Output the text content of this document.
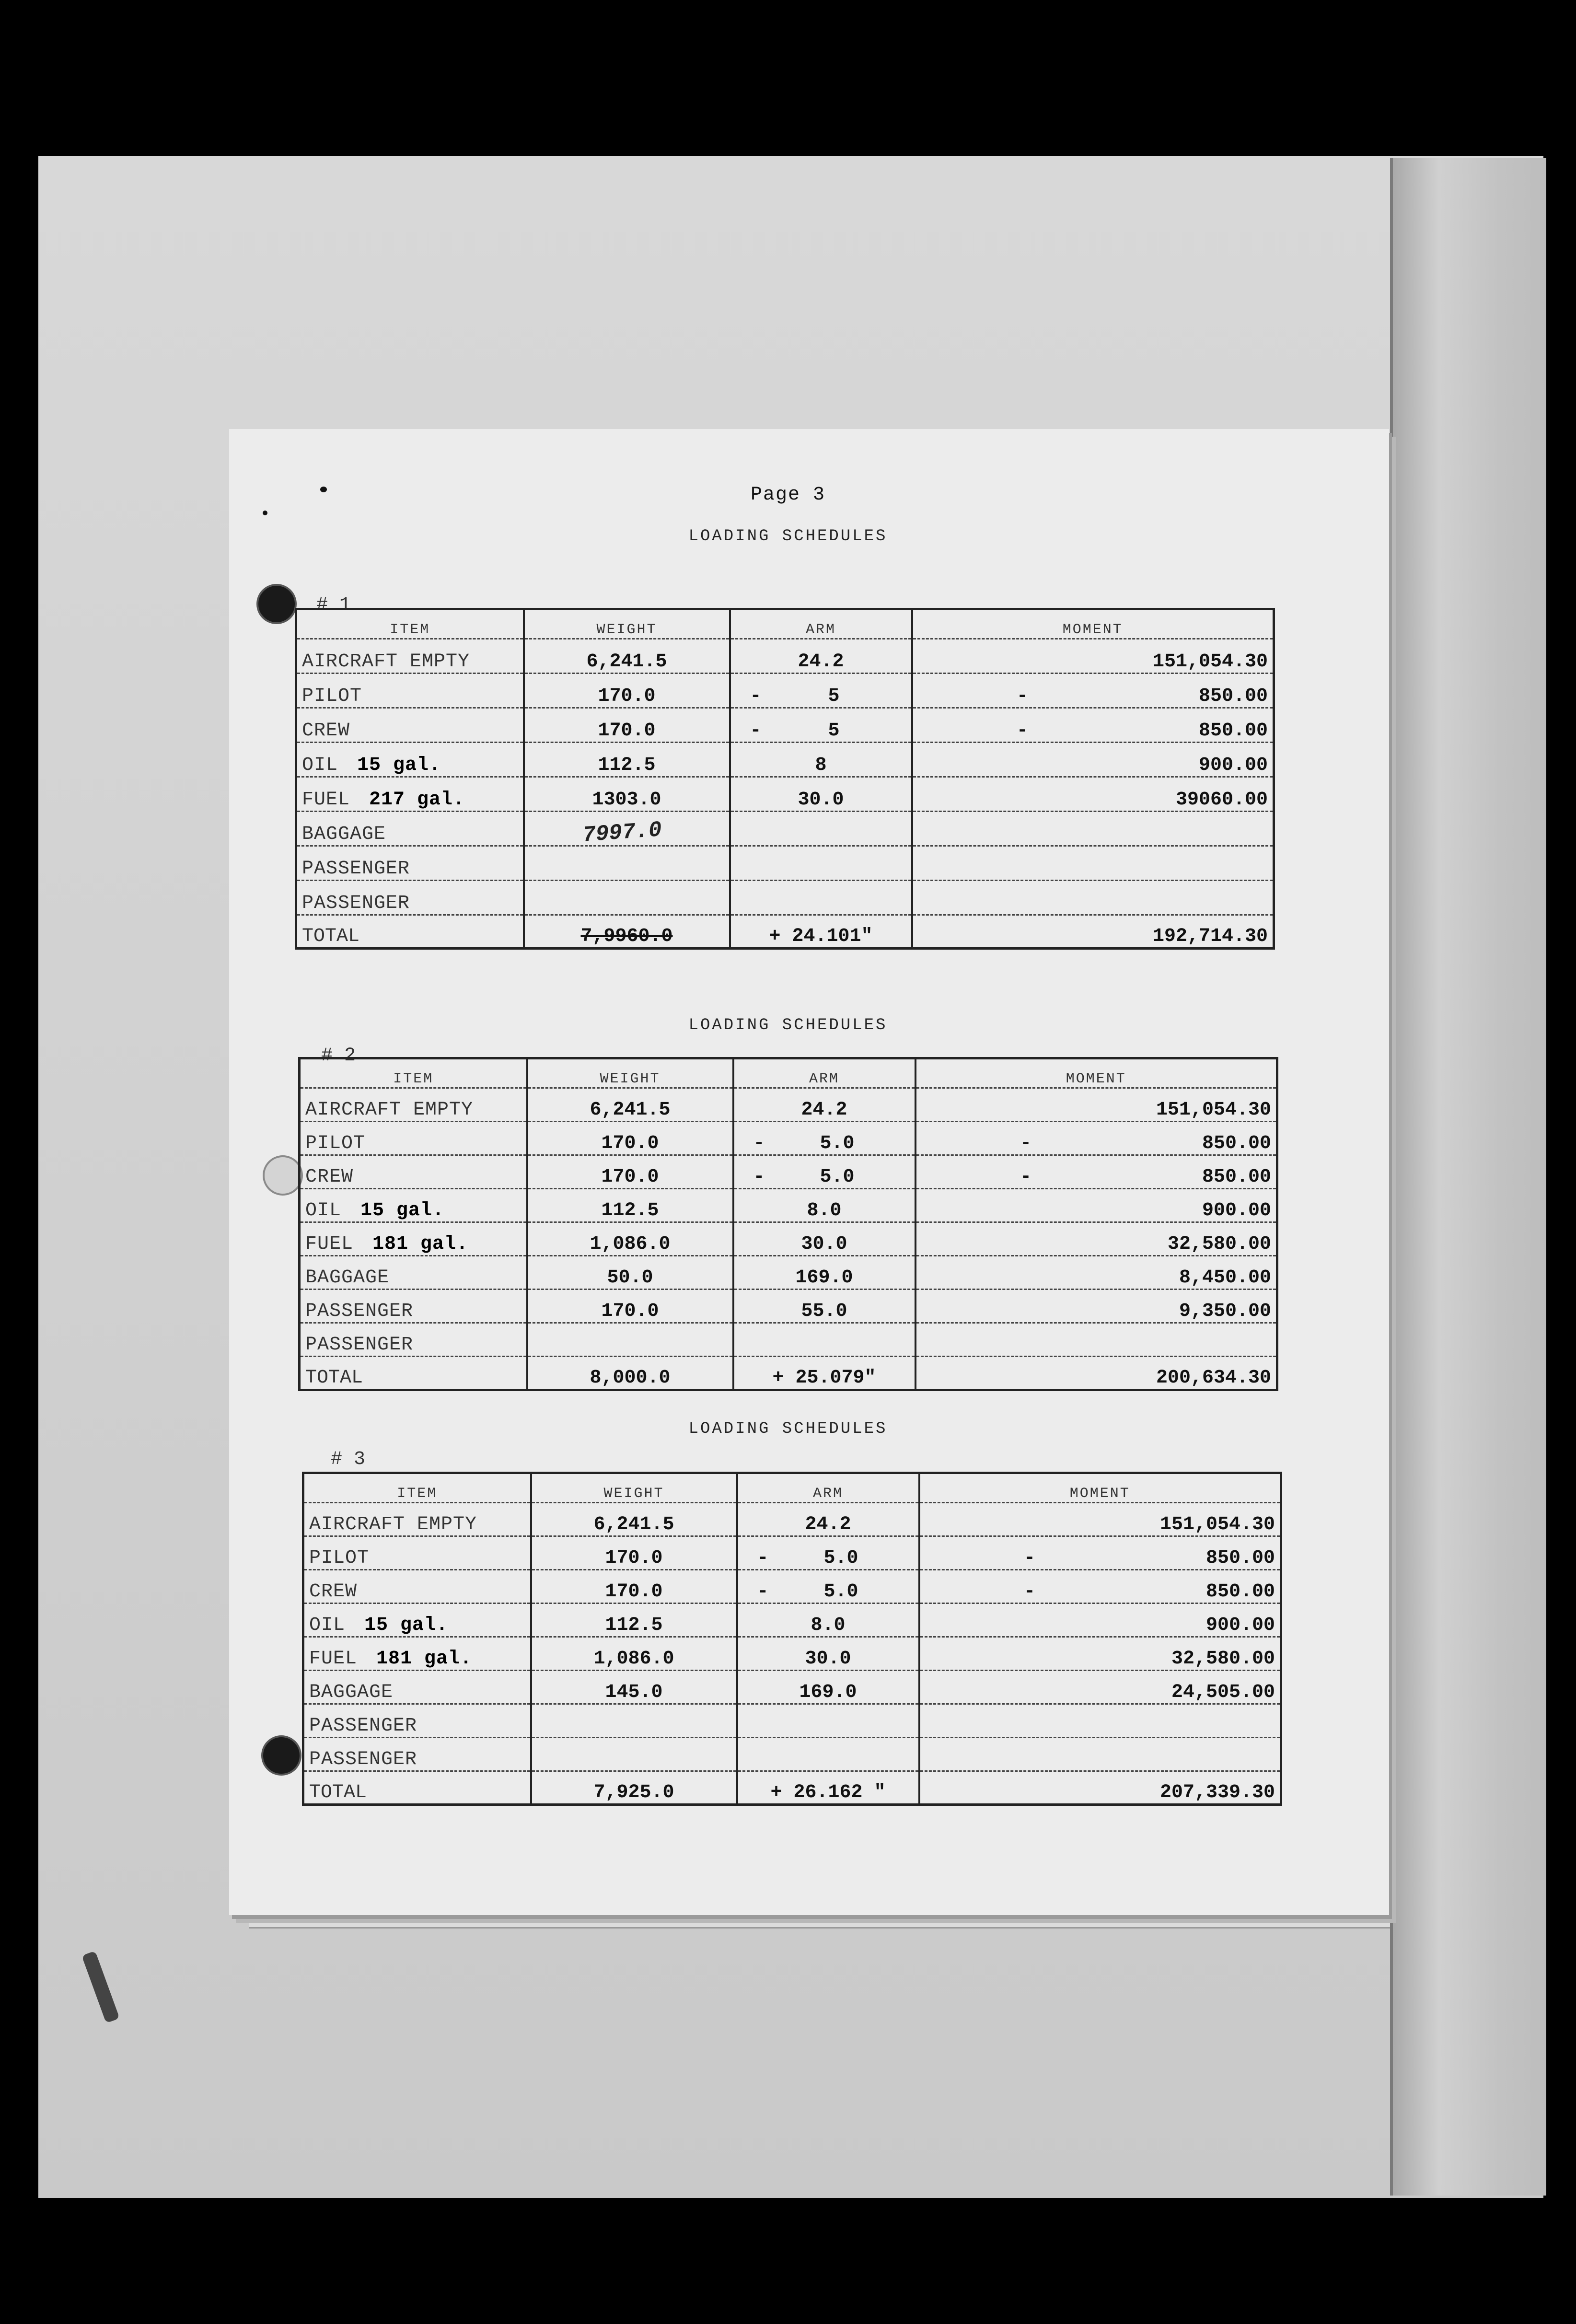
Page 3
LOADING SCHEDULES
# 1
ITEM	WEIGHT	ARM	MOMENT
AIRCRAFT EMPTY	6,241.5	24.2	151,054.30
PILOT	170.0	- 5	- 850.00
CREW	170.0	- 5	- 850.00
OIL 15 gal.	112.5	8	900.00
FUEL 217 gal.	1303.0	30.0	39060.00
BAGGAGE	7997.0		

PASSENGER		

PASSENGER		

TOTAL	7,9960.0	+ 24.101"	192,714.30
LOADING SCHEDULES
# 2
ITEM	WEIGHT	ARM	MOMENT
AIRCRAFT EMPTY	6,241.5	24.2	151,054.30
PILOT	170.0	- 5.0	- 850.00
CREW	170.0	- 5.0	- 850.00
OIL 15 gal.	112.5	8.0	900.00
FUEL 181 gal.	1,086.0	30.0	32,580.00
BAGGAGE	50.0	169.0	8,450.00
PASSENGER	170.0	55.0	9,350.00
PASSENGER		

TOTAL	8,000.0	+ 25.079"	200,634.30
LOADING SCHEDULES
# 3
ITEM	WEIGHT	ARM	MOMENT
AIRCRAFT EMPTY	6,241.5	24.2	151,054.30
PILOT	170.0	- 5.0	- 850.00
CREW	170.0	- 5.0	- 850.00
OIL 15 gal.	112.5	8.0	900.00
FUEL 181 gal.	1,086.0	30.0	32,580.00
BAGGAGE	145.0	169.0	24,505.00
PASSENGER		

PASSENGER		

TOTAL	7,925.0	+ 26.162 "	207,339.30
